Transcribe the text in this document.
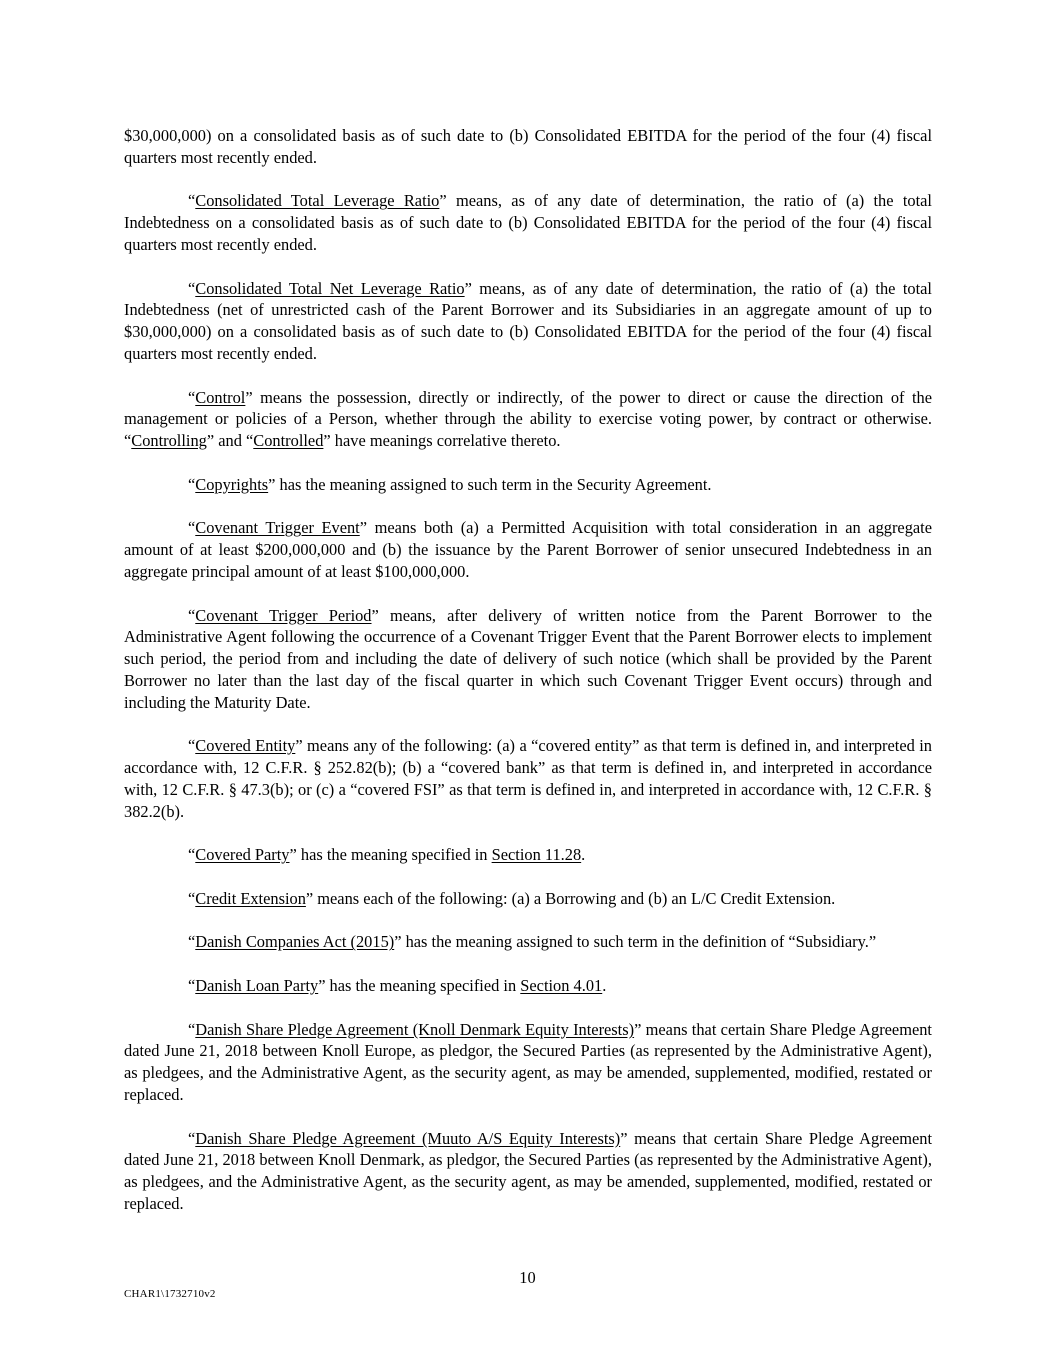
$30,000,000) on a consolidated basis as of such date to (b) Consolidated EBITDA for the period of the four (4) fiscal quarters most recently ended.

“Consolidated Total Leverage Ratio” means, as of any date of determination, the ratio of (a) the total Indebtedness on a consolidated basis as of such date to (b) Consolidated EBITDA for the period of the four (4) fiscal quarters most recently ended.

“Consolidated Total Net Leverage Ratio” means, as of any date of determination, the ratio of (a) the total Indebtedness (net of unrestricted cash of the Parent Borrower and its Subsidiaries in an aggregate amount of up to $30,000,000) on a consolidated basis as of such date to (b) Consolidated EBITDA for the period of the four (4) fiscal quarters most recently ended.

“Control” means the possession, directly or indirectly, of the power to direct or cause the direction of the management or policies of a Person, whether through the ability to exercise voting power, by contract or otherwise. “Controlling” and “Controlled” have meanings correlative thereto.

“Copyrights” has the meaning assigned to such term in the Security Agreement.

“Covenant Trigger Event” means both (a) a Permitted Acquisition with total consideration in an aggregate amount of at least $200,000,000 and (b) the issuance by the Parent Borrower of senior unsecured Indebtedness in an aggregate principal amount of at least $100,000,000.

“Covenant Trigger Period” means, after delivery of written notice from the Parent Borrower to the Administrative Agent following the occurrence of a Covenant Trigger Event that the Parent Borrower elects to implement such period, the period from and including the date of delivery of such notice (which shall be provided by the Parent Borrower no later than the last day of the fiscal quarter in which such Covenant Trigger Event occurs) through and including the Maturity Date.

“Covered Entity” means any of the following: (a) a “covered entity” as that term is defined in, and interpreted in accordance with, 12 C.F.R. § 252.82(b); (b) a “covered bank” as that term is defined in, and interpreted in accordance with, 12 C.F.R. § 47.3(b); or (c) a “covered FSI” as that term is defined in, and interpreted in accordance with, 12 C.F.R. § 382.2(b).

“Covered Party” has the meaning specified in Section 11.28.

“Credit Extension” means each of the following: (a) a Borrowing and (b) an L/C Credit Extension.

“Danish Companies Act (2015)” has the meaning assigned to such term in the definition of “Subsidiary.”

“Danish Loan Party” has the meaning specified in Section 4.01.

“Danish Share Pledge Agreement (Knoll Denmark Equity Interests)” means that certain Share Pledge Agreement dated June 21, 2018 between Knoll Europe, as pledgor, the Secured Parties (as represented by the Administrative Agent), as pledgees, and the Administrative Agent, as the security agent, as may be amended, supplemented, modified, restated or replaced.

“Danish Share Pledge Agreement (Muuto A/S Equity Interests)” means that certain Share Pledge Agreement dated June 21, 2018 between Knoll Denmark, as pledgor, the Secured Parties (as represented by the Administrative Agent), as pledgees, and the Administrative Agent, as the security agent, as may be amended, supplemented, modified, restated or replaced.

10
CHAR1\1732710v2
